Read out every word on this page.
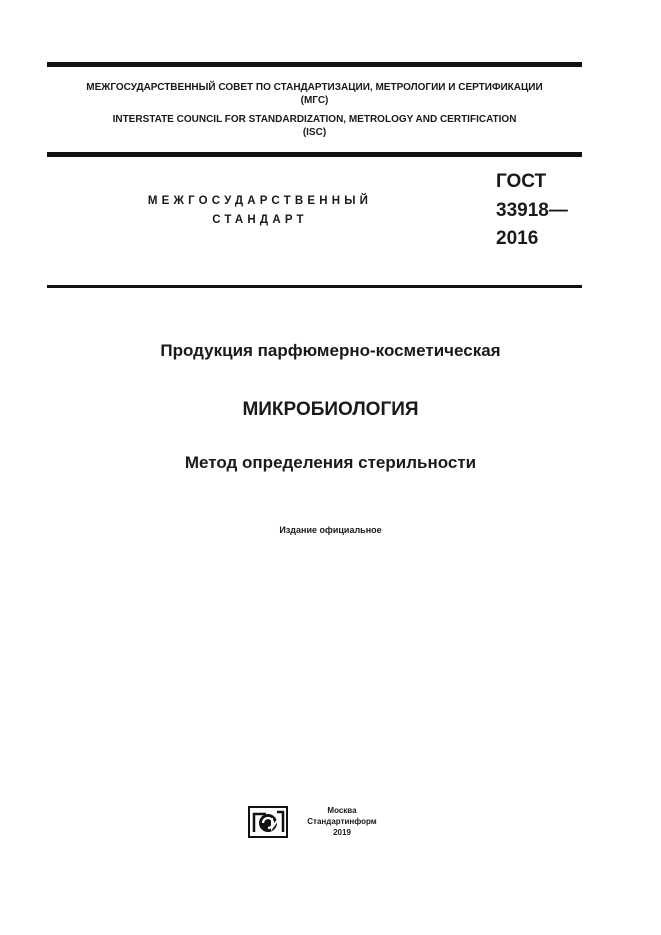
МЕЖГОСУДАРСТВЕННЫЙ СОВЕТ ПО СТАНДАРТИЗАЦИИ, МЕТРОЛОГИИ И СЕРТИФИКАЦИИ
(МГС)
INTERSTATE COUNCIL FOR STANDARDIZATION, METROLOGY AND CERTIFICATION
(ISC)
МЕЖГОСУДАРСТВЕННЫЙ
СТАНДАРТ
ГОСТ
33918—
2016
Продукция парфюмерно-косметическая
МИКРОБИОЛОГИЯ
Метод определения стерильности
Издание официальное
Москва
Стандартинформ
2019
